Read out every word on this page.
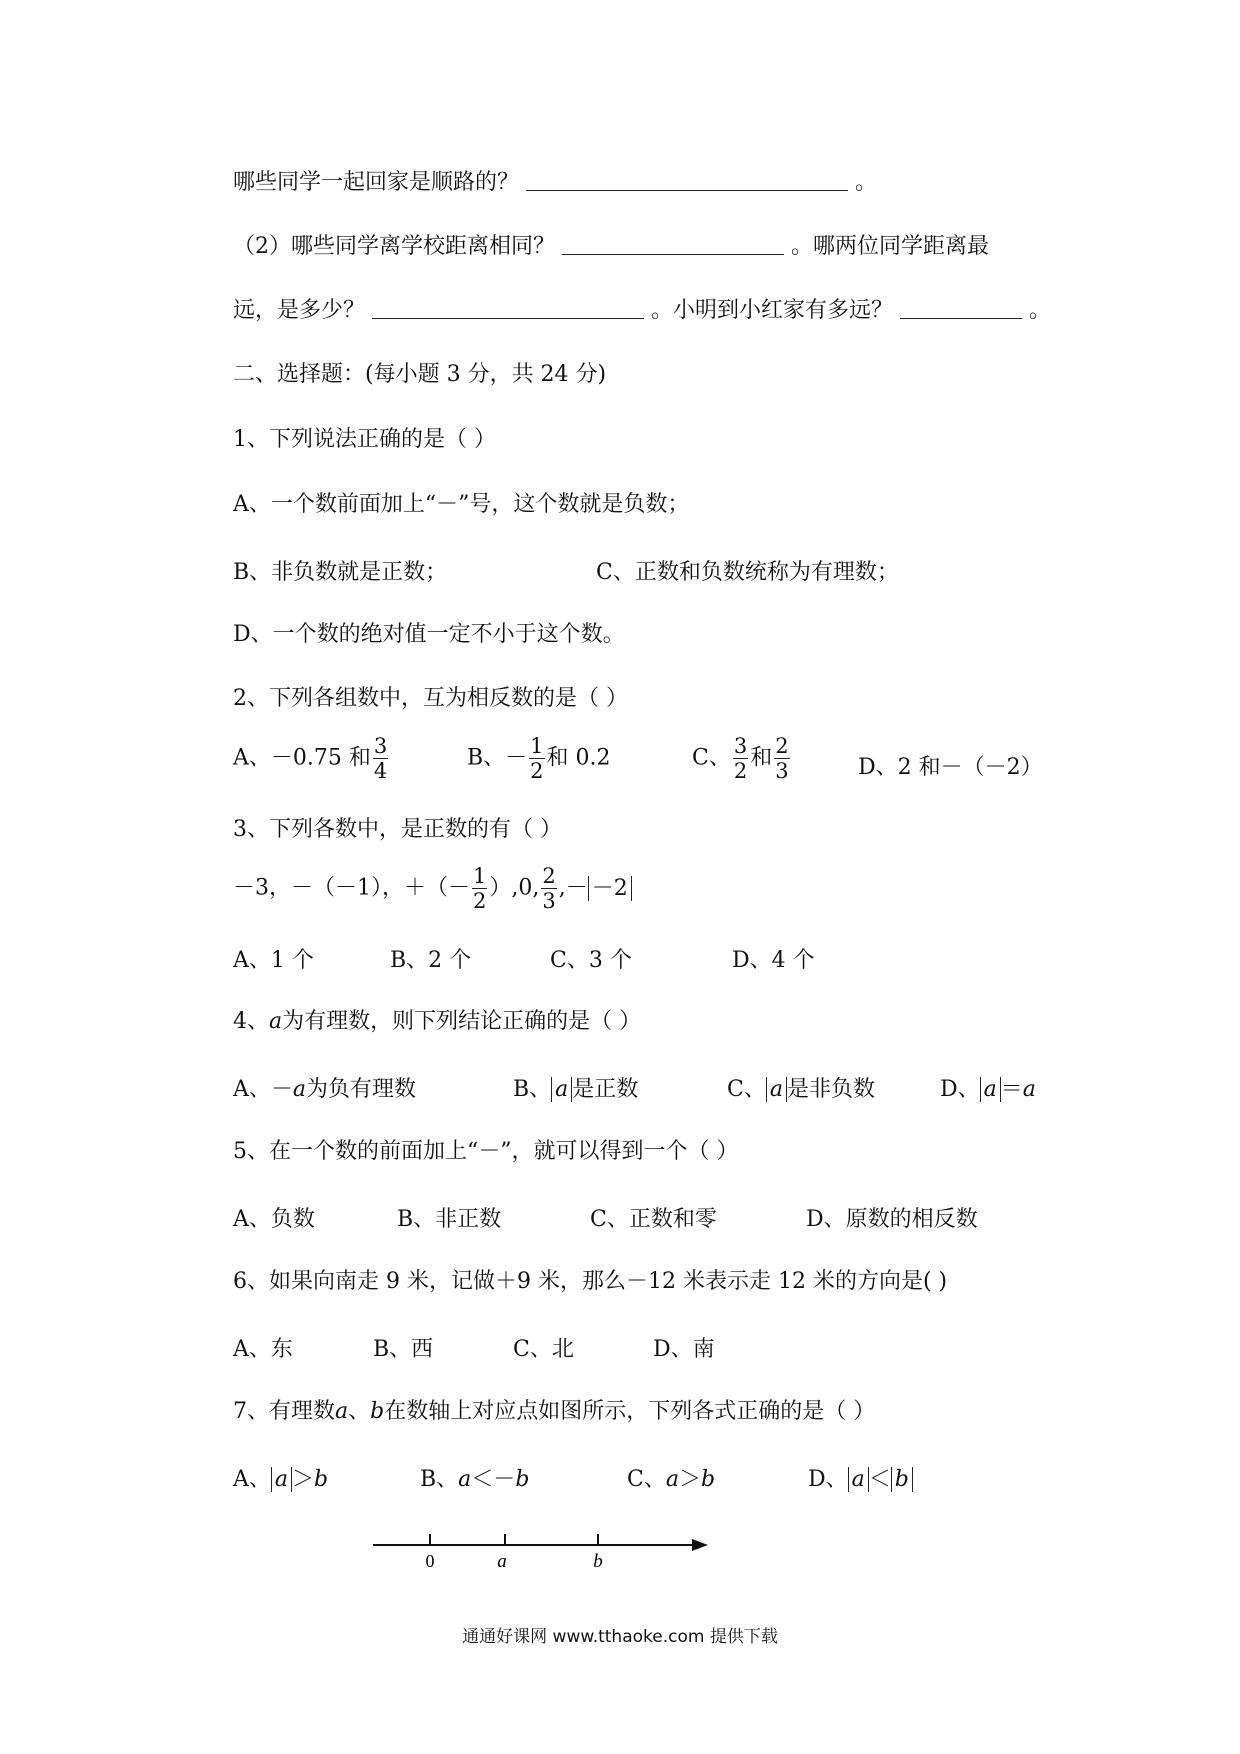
哪些同学一起回家是顺路的？	。
（2）哪些同学离学校距离相同？	。哪两位同学距离最
远，是多少？	。小明到小红家有多远？	。
二、选择题：(每小题 3 分，共 24 分)
1、下列说法正确的是（ ）
A、一个数前面加上“－”号，这个数就是负数；
B、非负数就是正数；	C、正数和负数统称为有理数；
D、一个数的绝对值一定不小于这个数。
2、下列各组数中，互为相反数的是（ ）
A、－0.75 和 $\frac{3}{4}$	B、－ $\frac{1}{2}$ 和 0.2	C、 $\frac{3}{2}$ 和 $\frac{2}{3}$	D、2 和－（－2）
3、下列各数中，是正数的有（ ）
－3，－（－1），＋（－ $\frac{1}{2} ),0$, $\frac{2}{3}$ ,－ －2
A、1 个	B、2 个	C、3 个	D、4 个
4、a为有理数，则下列结论正确的是（ ）
A、－a为负有理数	B、 a 是正数	C、 a 是非负数	D、 a ＝a
5、在一个数的前面加上“－”，就可以得到一个（ ）
A、负数	B、非正数	C、正数和零	D、原数的相反数
6、如果向南走 9 米，记做＋9 米，那么－12 米表示走 12 米的方向是( )
A、东	B、西	C、北	D、南
7、有理数a、b在数轴上对应点如图所示，下列各式正确的是（ ）
A、 a ＞b	B、a＜－b	C、a＞b	D、 a ＜ b
0	a	b
通通好课网 www.tthaoke.com 提供下载
